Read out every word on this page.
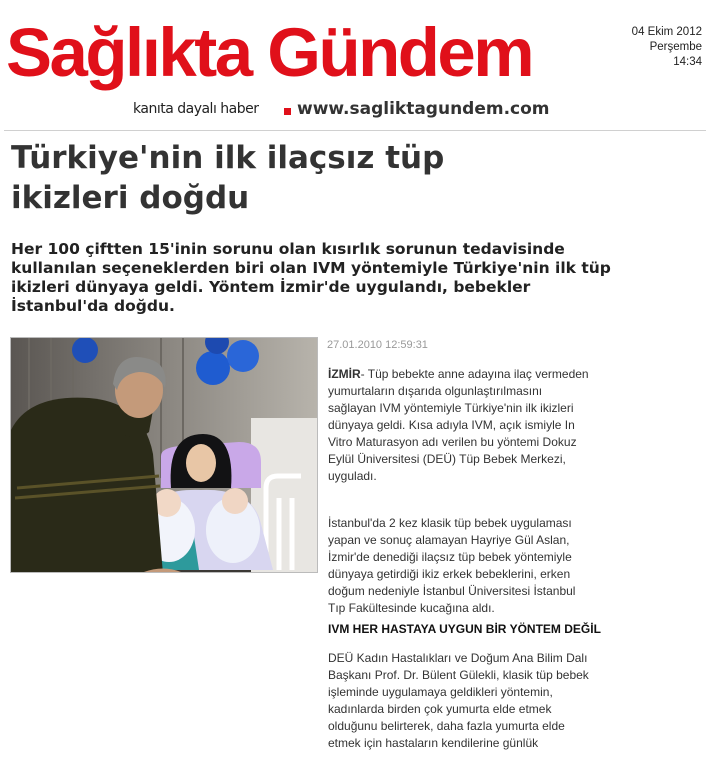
Sağlıkta Gündem
kanıta dayalı haber www.sagliktagundem.com
04 Ekim 2012
Perşembe
14:34
Türkiye'nin ilk ilaçsız tüp
ikizleri doğdu
Her 100 çiftten 15'inin sorunu olan kısırlık sorunun tedavisinde
kullanılan seçeneklerden biri olan IVM yöntemiyle Türkiye'nin ilk tüp
ikizleri dünyaya geldi. Yöntem İzmir'de uygulandı, bebekler
İstanbul'da doğdu.
27.01.2010 12:59:31
İZMİR- Tüp bebekte anne adayına ilaç vermeden
yumurtaların dışarıda olgunlaştırılmasını
sağlayan IVM yöntemiyle Türkiye'nin ilk ikizleri
dünyaya geldi. Kısa adıyla IVM, açık ismiyle In
Vitro Maturasyon adı verilen bu yöntemi Dokuz
Eylül Üniversitesi (DEÜ) Tüp Bebek Merkezi,
uyguladı.
İstanbul'da 2 kez klasik tüp bebek uygulaması
yapan ve sonuç alamayan Hayriye Gül Aslan,
İzmir'de denediği ilaçsız tüp bebek yöntemiyle
dünyaya getirdiği ikiz erkek bebeklerini, erken
doğum nedeniyle İstanbul Üniversitesi İstanbul
Tıp Fakültesinde kucağına aldı.
IVM HER HASTAYA UYGUN BİR YÖNTEM DEĞİL
DEÜ Kadın Hastalıkları ve Doğum Ana Bilim Dalı
Başkanı Prof. Dr. Bülent Gülekli, klasik tüp bebek
işleminde uygulamaya geldikleri yöntemin,
kadınlarda birden çok yumurta elde etmek
olduğunu belirterek, daha fazla yumurta elde
etmek için hastaların kendilerine günlük
